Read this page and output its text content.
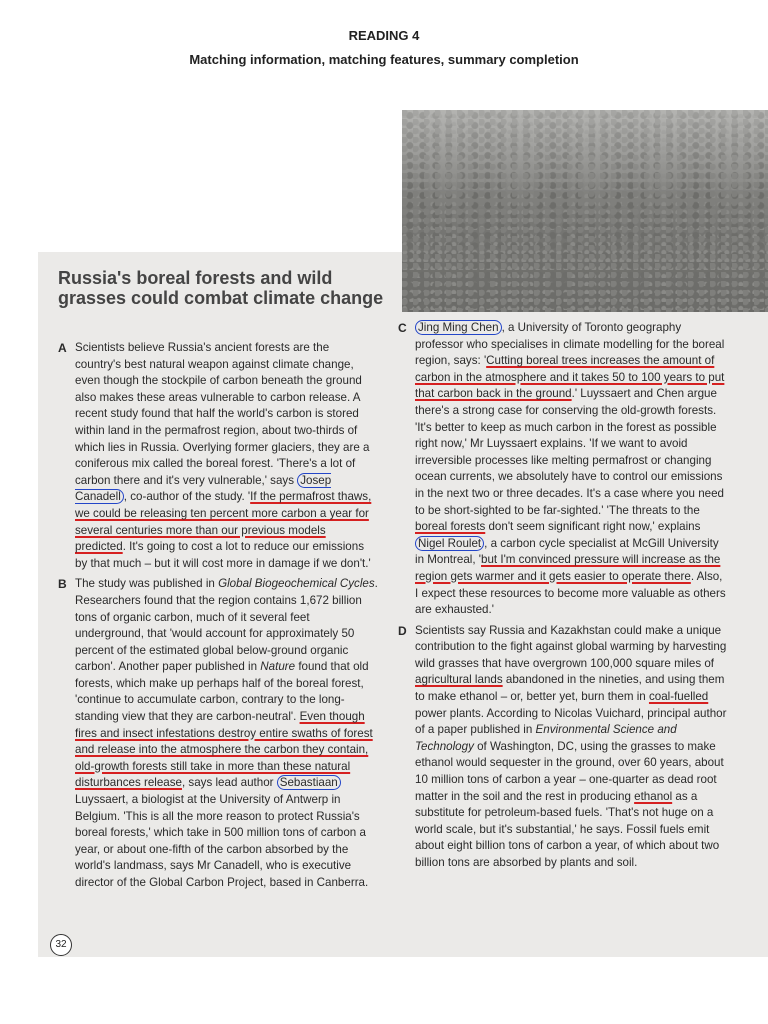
READING 4
Matching information, matching features, summary completion
Russia's boreal forests and wild grasses could combat climate change

A Scientists believe Russia's ancient forests are the country's best natural weapon against climate change, even though the stockpile of carbon beneath the ground also makes these areas vulnerable to carbon release. A recent study found that half the world's carbon is stored within land in the permafrost region, about two-thirds of which lies in Russia. Overlying former glaciers, they are a coniferous mix called the boreal forest. 'There's a lot of carbon there and it's very vulnerable,' says Josep Canadell , co-author of the study. 'If the permafrost thaws, we could be releasing ten percent more carbon a year for several centuries more than our previous models predicted. It's going to cost a lot to reduce our emissions by that much – but it will cost more in damage if we don't.'

B The study was published in Global Biogeochemical Cycles. Researchers found that the region contains 1,672 billion tons of organic carbon, much of it several feet underground, that 'would account for approximately 50 percent of the estimated global below-ground organic carbon'. Another paper published in Nature found that old forests, which make up perhaps half of the boreal forest, 'continue to accumulate carbon, contrary to the long-standing view that they are carbon-neutral'. Even though fires and insect infestations destroy entire swaths of forest and release into the atmosphere the carbon they contain, old-growth forests still take in more than these natural disturbances release, says lead author Sebastiaan Luyssaert, a biologist at the University of Antwerp in Belgium. 'This is all the more reason to protect Russia's boreal forests,' which take in 500 million tons of carbon a year, or about one-fifth of the carbon absorbed by the world's landmass, says Mr Canadell, who is executive director of the Global Carbon Project, based in Canberra.

C Jing Ming Chen , a University of Toronto geography professor who specialises in climate modelling for the boreal region, says: 'Cutting boreal trees increases the amount of carbon in the atmosphere and it takes 50 to 100 years to put that carbon back in the ground.' Luyssaert and Chen argue there's a strong case for conserving the old-growth forests. 'It's better to keep as much carbon in the forest as possible right now,' Mr Luyssaert explains. 'If we want to avoid irreversible processes like melting permafrost or changing ocean currents, we absolutely have to control our emissions in the next two or three decades. It's a case where you need to be short-sighted to be far-sighted.' 'The threats to the boreal forests don't seem significant right now,' explains Nigel Roulet , a carbon cycle specialist at McGill University in Montreal, 'but I'm convinced pressure will increase as the region gets warmer and it gets easier to operate there. Also, I expect these resources to become more valuable as others are exhausted.'

D Scientists say Russia and Kazakhstan could make a unique contribution to the fight against global warming by harvesting wild grasses that have overgrown 100,000 square miles of agricultural lands abandoned in the nineties, and using them to make ethanol – or, better yet, burn them in coal-fuelled power plants. According to Nicolas Vuichard, principal author of a paper published in Environmental Science and Technology of Washington, DC, using the grasses to make ethanol would sequester in the ground, over 60 years, about 10 million tons of carbon a year – one-quarter as dead root matter in the soil and the rest in producing ethanol as a substitute for petroleum-based fuels. 'That's not huge on a world scale, but it's substantial,' he says. Fossil fuels emit about eight billion tons of carbon a year, of which about two billion tons are absorbed by plants and soil.

32
